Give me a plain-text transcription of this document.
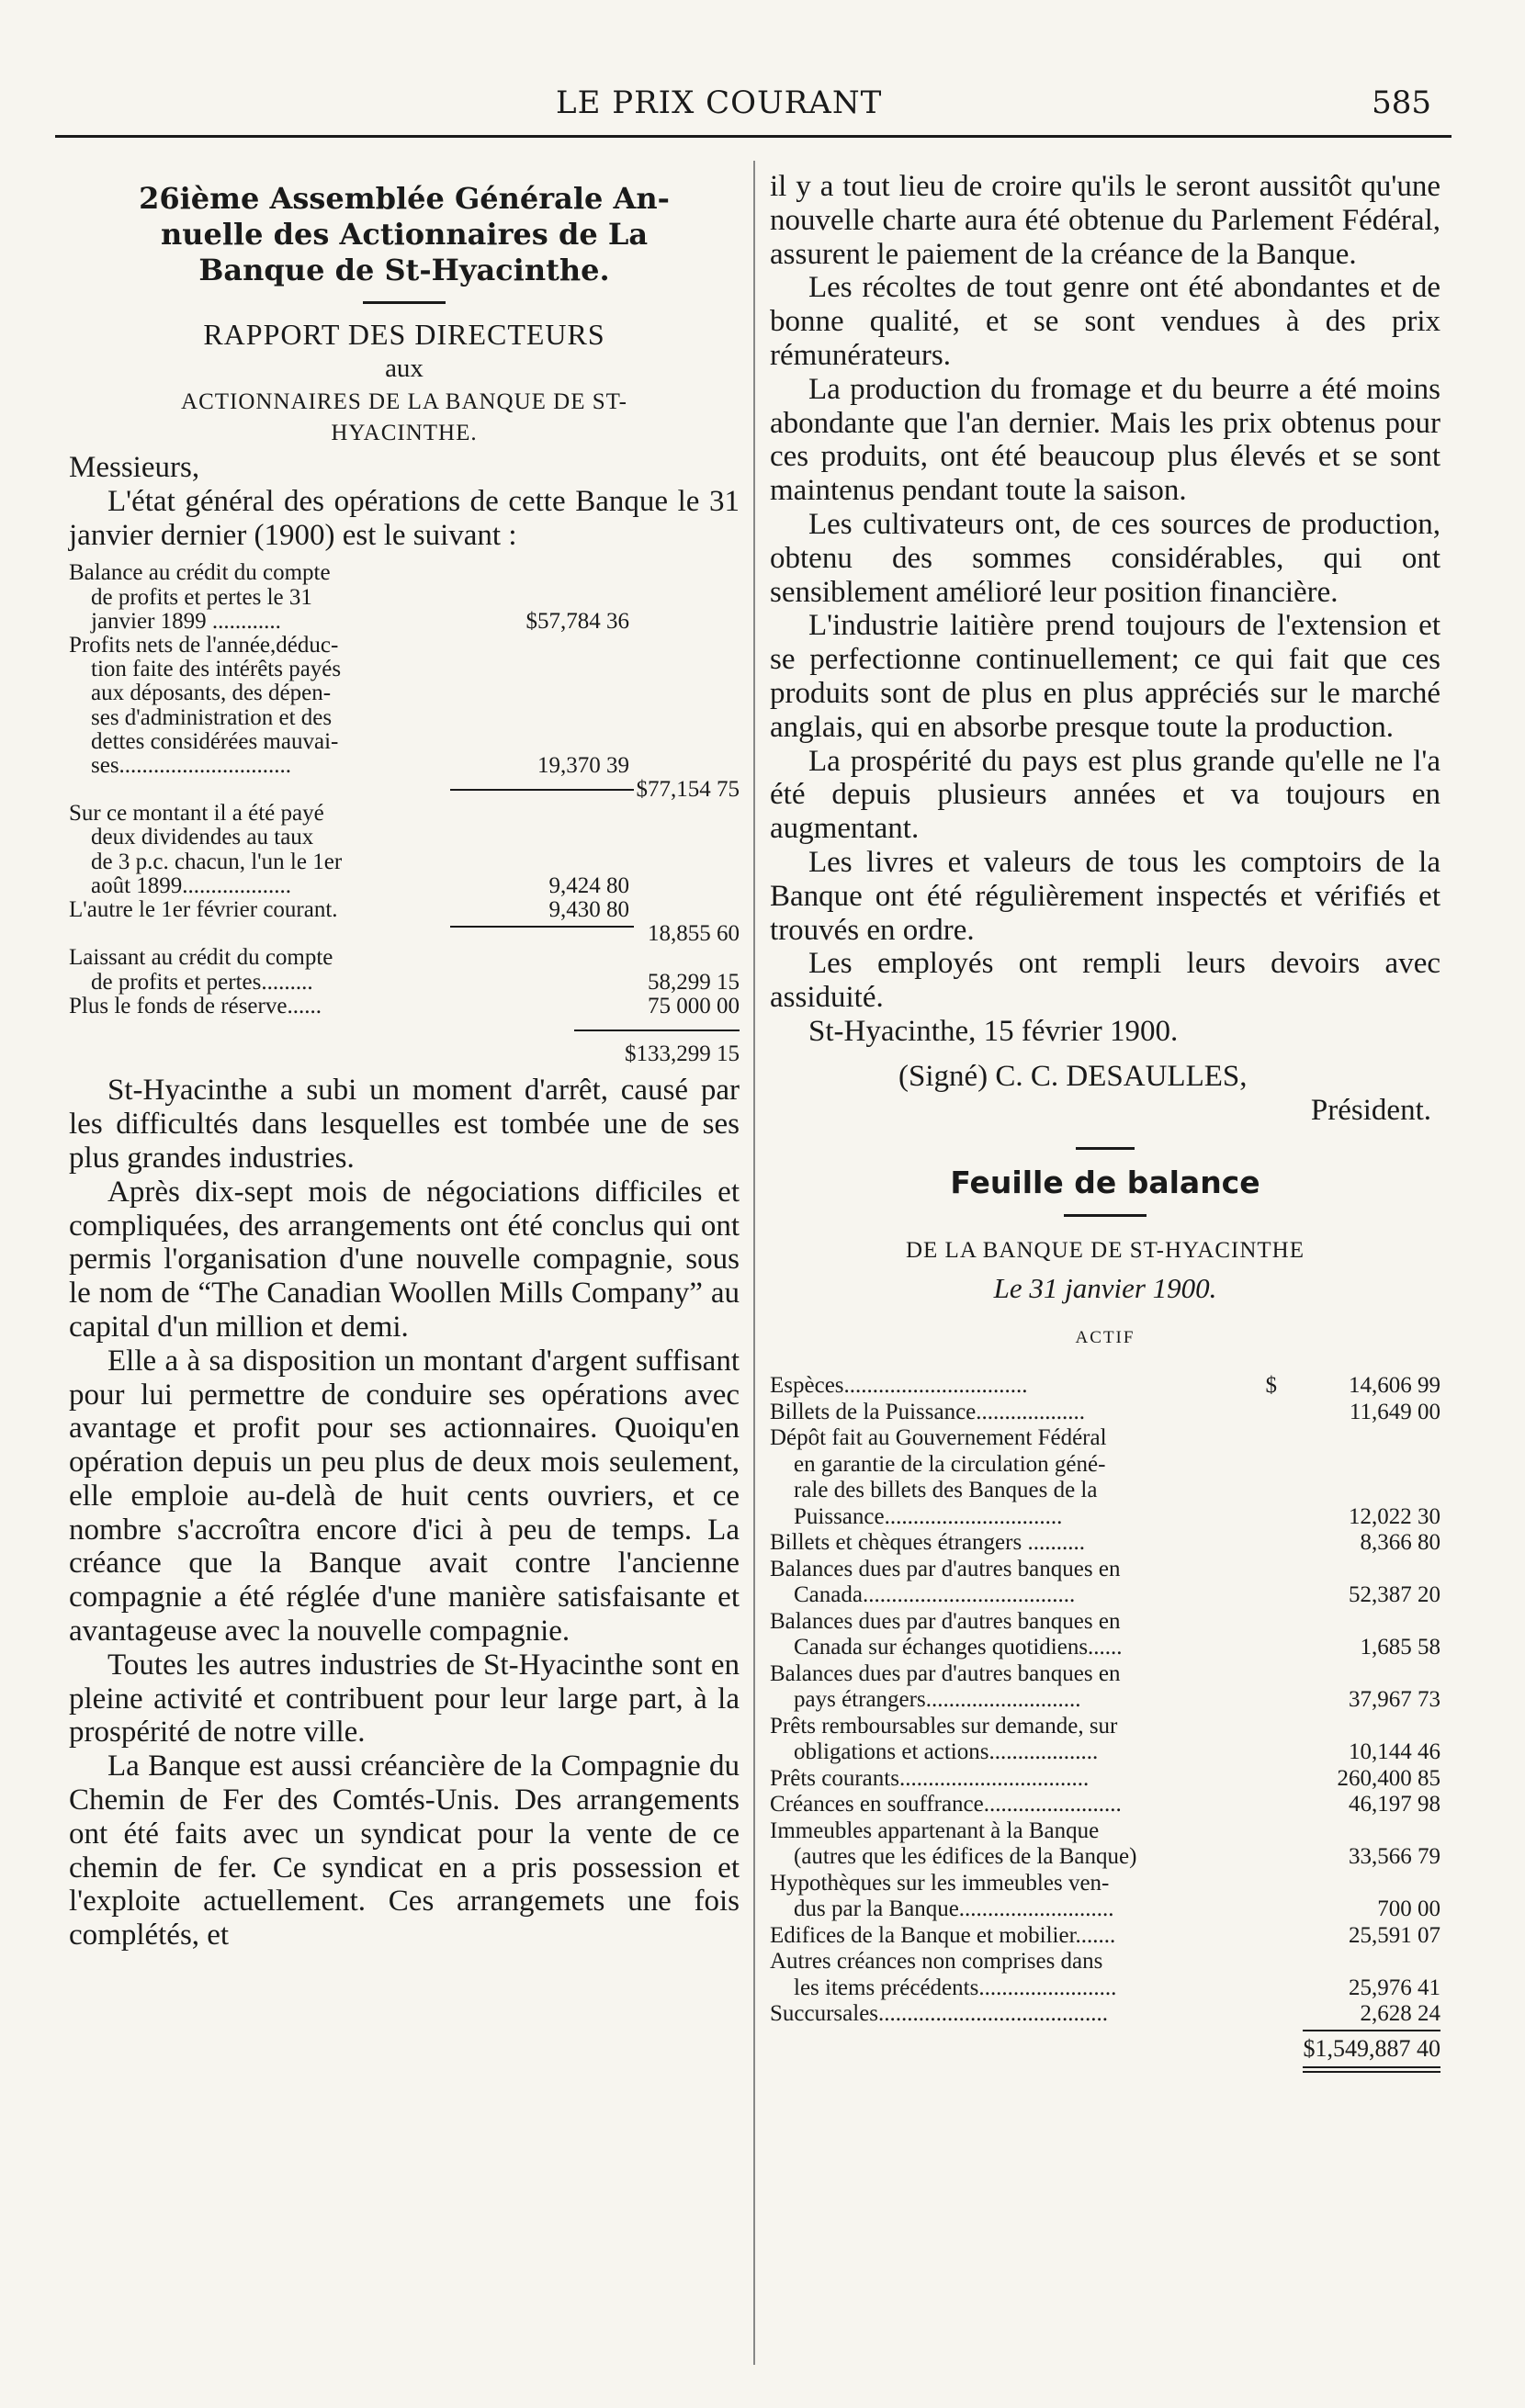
LE PRIX COURANT	585
26ième Assemblée Générale An-
nuelle des Actionnaires de La
Banque de St-Hyacinthe.
RAPPORT DES DIRECTEURS
aux
ACTIONNAIRES DE LA BANQUE DE ST-
HYACINTHE.

Messieurs,

L'état général des opérations de cette Banque le 31 janvier dernier (1900) est le suivant :

Balance au crédit du compte
de profits et pertes le 31
janvier 1899 ............	$57,784 36
Profits nets de l'année,déduc-
tion faite des intérêts payés
aux déposants, des dépen-
ses d'administration et des
dettes considérées mauvai-
ses..............................	19,370 39
$77,154 75
Sur ce montant il a été payé
deux dividendes au taux
de 3 p.c. chacun, l'un le 1er
août 1899...................	9,424 80
L'autre le 1er février courant.	9,430 80
18,855 60
Laissant au crédit du compte
de profits et pertes.........	58,299 15
Plus le fonds de réserve......	75 000 00
$133,299 15

St-Hyacinthe a subi un moment d'arrêt, causé par les difficultés dans lesquelles est tombée une de ses plus grandes industries.

Après dix-sept mois de négociations difficiles et compliquées, des arrangements ont été conclus qui ont permis l'organisation d'une nouvelle compagnie, sous le nom de “The Canadian Woollen Mills Company” au capital d'un million et demi.

Elle a à sa disposition un montant d'argent suffisant pour lui permettre de conduire ses opérations avec avantage et profit pour ses actionnaires. Quoiqu'en opération depuis un peu plus de deux mois seulement, elle emploie au-delà de huit cents ouvriers, et ce nombre s'accroîtra encore d'ici à peu de temps. La créance que la Banque avait contre l'ancienne compagnie a été réglée d'une manière satisfaisante et avantageuse avec la nouvelle compagnie.

Toutes les autres industries de St-Hyacinthe sont en pleine activité et contribuent pour leur large part, à la prospérité de notre ville.

La Banque est aussi créancière de la Compagnie du Chemin de Fer des Comtés-Unis. Des arrangements ont été faits avec un syndicat pour la vente de ce chemin de fer. Ce syndicat en a pris possession et l'exploite actuellement. Ces arrangemets une fois complétés, et

il y a tout lieu de croire qu'ils le seront aussitôt qu'une nouvelle charte aura été obtenue du Parlement Fédéral, assurent le paiement de la créance de la Banque.

Les récoltes de tout genre ont été abondantes et de bonne qualité, et se sont vendues à des prix rémunérateurs.

La production du fromage et du beurre a été moins abondante que l'an dernier. Mais les prix obtenus pour ces produits, ont été beaucoup plus élevés et se sont maintenus pendant toute la saison.

Les cultivateurs ont, de ces sources de production, obtenu des sommes considérables, qui ont sensiblement amélioré leur position financière.

L'industrie laitière prend toujours de l'extension et se perfectionne continuellement; ce qui fait que ces produits sont de plus en plus appréciés sur le marché anglais, qui en absorbe presque toute la production.

La prospérité du pays est plus grande qu'elle ne l'a été depuis plusieurs années et va toujours en augmentant.

Les livres et valeurs de tous les comptoirs de la Banque ont été régulièrement inspectés et vérifiés et trouvés en ordre.

Les employés ont rempli leurs devoirs avec assiduité.

St-Hyacinthe, 15 février 1900.

(Signé) C. C. DESAULLES,

Président.

Feuille de balance
DE LA BANQUE DE ST-HYACINTHE
Le 31 janvier 1900.
ACTIF
Espèces................................	$	14,606 99
Billets de la Puissance...................	11,649 00
Dépôt fait au Gouvernement Fédéral
en garantie de la circulation géné-
rale des billets des Banques de la
Puissance...............................	12,022 30
Billets et chèques étrangers ..........	8,366 80
Balances dues par d'autres banques en
Canada.....................................	52,387 20
Balances dues par d'autres banques en
Canada sur échanges quotidiens......	1,685 58
Balances dues par d'autres banques en
pays étrangers...........................	37,967 73
Prêts remboursables sur demande, sur
obligations et actions...................	10,144 46
Prêts courants.................................	260,400 85
Créances en souffrance........................	46,197 98
Immeubles appartenant à la Banque
(autres que les édifices de la Banque)	33,566 79
Hypothèques sur les immeubles ven-
dus par la Banque...........................	700 00
Edifices de la Banque et mobilier.......	25,591 07
Autres créances non comprises dans
les items précédents........................	25,976 41
Succursales........................................	2,628 24
$1,549,887 40
